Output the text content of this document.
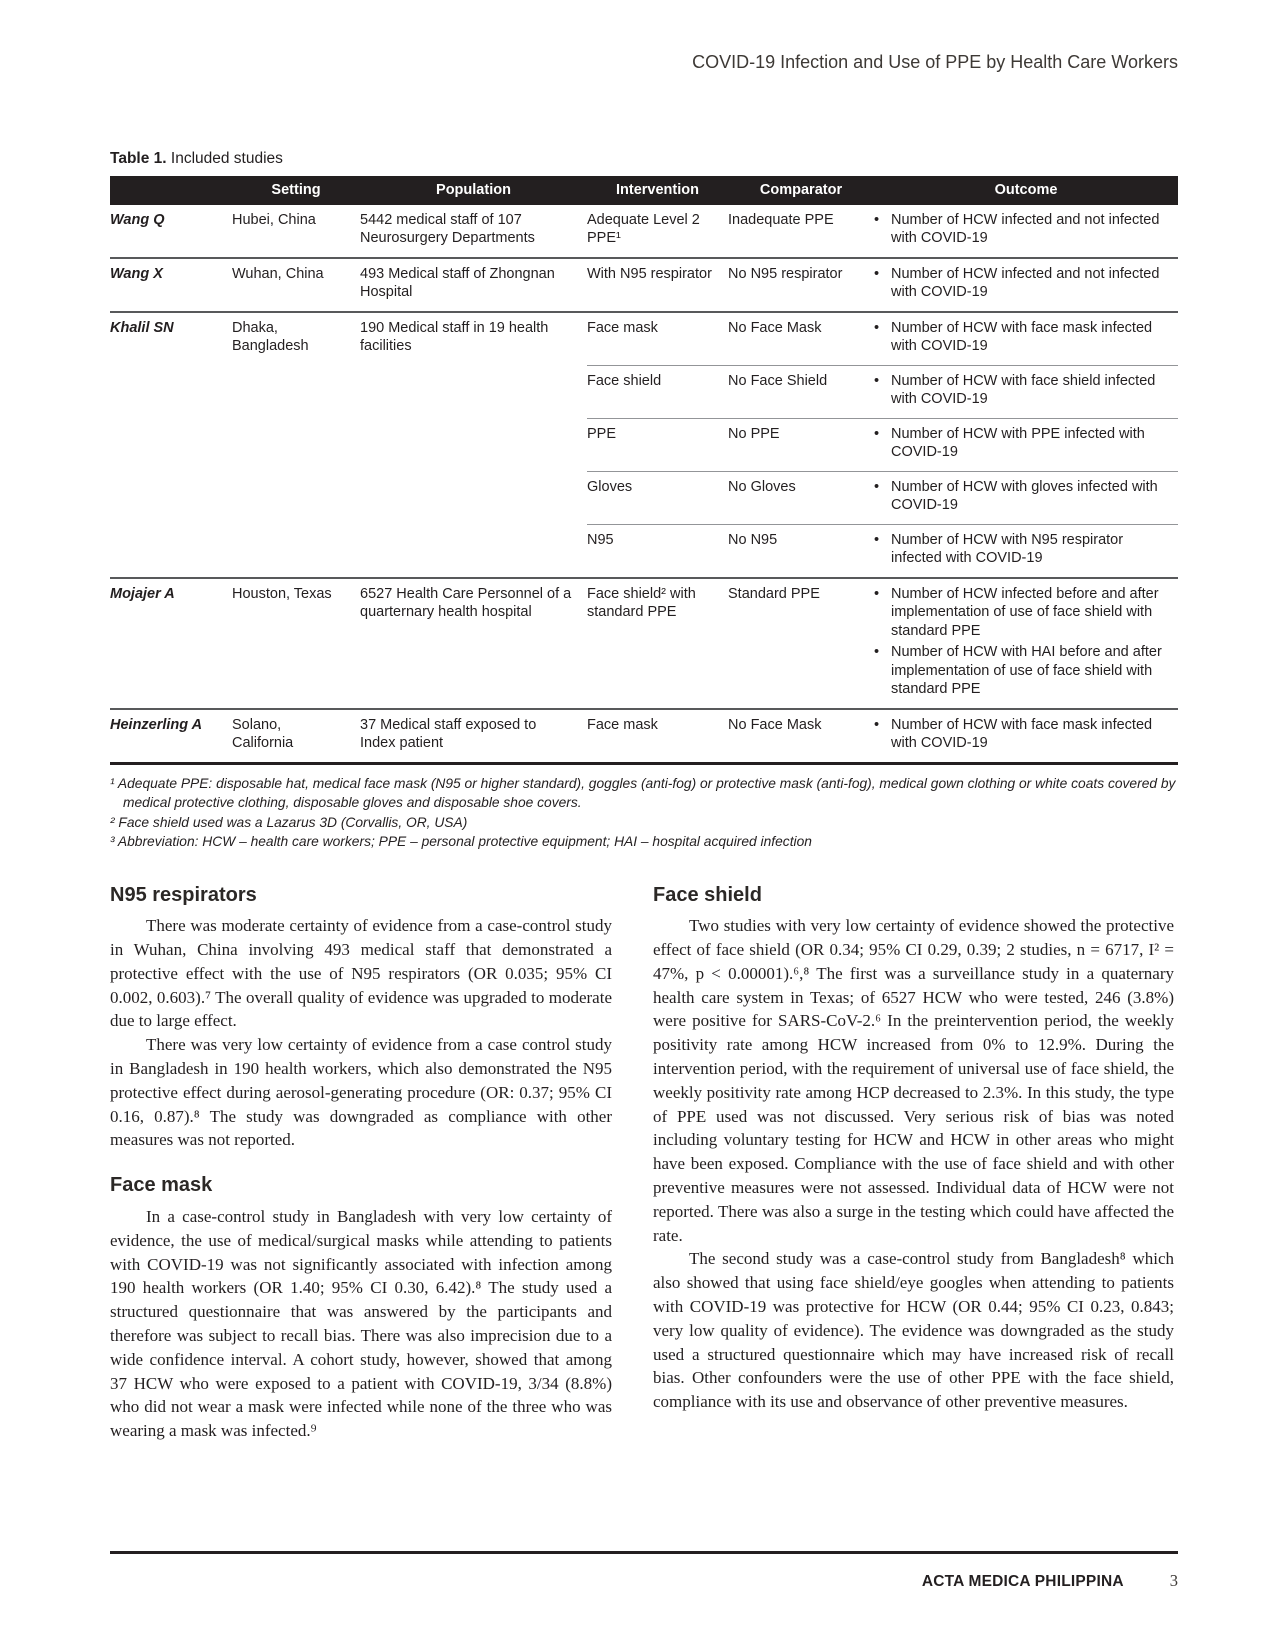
COVID-19 Infection and Use of PPE by Health Care Workers
Table 1. Included studies
	Setting	Population	Intervention	Comparator	Outcome
Wang Q	Hubei, China	5442 medical staff of 107 Neurosurgery Departments	Adequate Level 2 PPE¹	Inadequate PPE	• Number of HCW infected and not infected with COVID-19

Wang X	Wuhan, China	493 Medical staff of Zhongnan Hospital	With N95 respirator	No N95 respirator	• Number of HCW infected and not infected with COVID-19

Khalil SN	Dhaka, Bangladesh	190 Medical staff in 19 health facilities	Face mask	No Face Mask	• Number of HCW with face mask infected with COVID-19

			Face shield	No Face Shield	• Number of HCW with face shield infected with COVID-19

			PPE	No PPE	• Number of HCW with PPE infected with COVID-19

			Gloves	No Gloves	• Number of HCW with gloves infected with COVID-19

			N95	No N95	• Number of HCW with N95 respirator infected with COVID-19

Mojajer A	Houston, Texas	6527 Health Care Personnel of a quarternary health hospital	Face shield² with standard PPE	Standard PPE	• Number of HCW infected before and after implementation of use of face shield with standard PPE
• Number of HCW with HAI before and after implementation of use of face shield with standard PPE

Heinzerling A	Solano, California	37 Medical staff exposed to Index patient	Face mask	No Face Mask	• Number of HCW with face mask infected with COVID-19

¹ Adequate PPE: disposable hat, medical face mask (N95 or higher standard), goggles (anti-fog) or protective mask (anti-fog), medical gown clothing or white coats covered by medical protective clothing, disposable gloves and disposable shoe covers.

² Face shield used was a Lazarus 3D (Corvallis, OR, USA)

³ Abbreviation: HCW – health care workers; PPE – personal protective equipment; HAI – hospital acquired infection

N95 respirators

There was moderate certainty of evidence from a case-control study in Wuhan, China involving 493 medical staff that demonstrated a protective effect with the use of N95 respirators (OR 0.035; 95% CI 0.002, 0.603).⁷ The overall quality of evidence was upgraded to moderate due to large effect.

There was very low certainty of evidence from a case control study in Bangladesh in 190 health workers, which also demonstrated the N95 protective effect during aerosol-generating procedure (OR: 0.37; 95% CI 0.16, 0.87).⁸ The study was downgraded as compliance with other measures was not reported.

Face mask

In a case-control study in Bangladesh with very low certainty of evidence, the use of medical/surgical masks while attending to patients with COVID-19 was not significantly associated with infection among 190 health workers (OR 1.40; 95% CI 0.30, 6.42).⁸ The study used a structured questionnaire that was answered by the participants and therefore was subject to recall bias. There was also imprecision due to a wide confidence interval. A cohort study, however, showed that among 37 HCW who were exposed to a patient with COVID-19, 3/34 (8.8%) who did not wear a mask were infected while none of the three who was wearing a mask was infected.⁹

Face shield

Two studies with very low certainty of evidence showed the protective effect of face shield (OR 0.34; 95% CI 0.29, 0.39; 2 studies, n = 6717, I² = 47%, p < 0.00001).⁶,⁸ The first was a surveillance study in a quaternary health care system in Texas; of 6527 HCW who were tested, 246 (3.8%) were positive for SARS-CoV-2.⁶ In the preintervention period, the weekly positivity rate among HCW increased from 0% to 12.9%. During the intervention period, with the requirement of universal use of face shield, the weekly positivity rate among HCP decreased to 2.3%. In this study, the type of PPE used was not discussed. Very serious risk of bias was noted including voluntary testing for HCW and HCW in other areas who might have been exposed. Compliance with the use of face shield and with other preventive measures were not assessed. Individual data of HCW were not reported. There was also a surge in the testing which could have affected the rate.

The second study was a case-control study from Bangladesh⁸ which also showed that using face shield/eye googles when attending to patients with COVID-19 was protective for HCW (OR 0.44; 95% CI 0.23, 0.843; very low quality of evidence). The evidence was downgraded as the study used a structured questionnaire which may have increased risk of recall bias. Other confounders were the use of other PPE with the face shield, compliance with its use and observance of other preventive measures.

ACTA MEDICA PHILIPPINA	3
